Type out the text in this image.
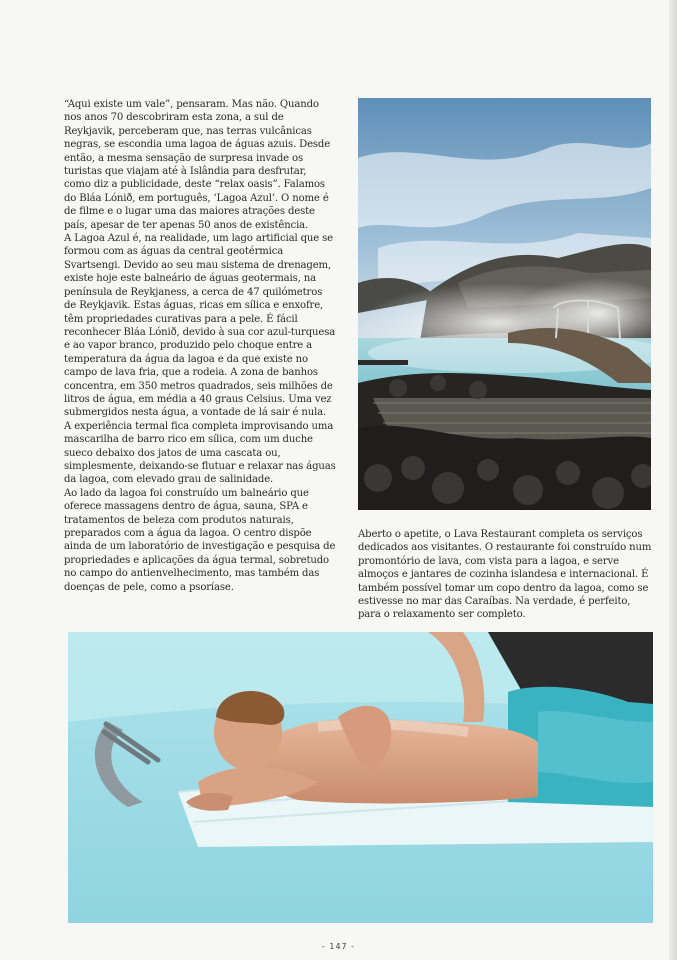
“Aqui existe um vale”, pensaram. Mas não. Quando nos anos 70 descobriram esta zona, a sul de Reykjavik, perceberam que, nas terras vulcânicas negras, se escondia uma lagoa de águas azuis. Desde então, a mesma sensação de surpresa invade os turistas que viajam até à Islândia para desfrutar, como diz a publicidade, deste “relax oasis”. Falamos do Bláa Lónið, em português, ‘Lagoa Azul’. O nome é de filme e o lugar uma das maiores atrações deste país, apesar de ter apenas 50 anos de existência.

A Lagoa Azul é, na realidade, um lago artificial que se formou com as águas da central geotérmica Svartsengi. Devido ao seu mau sistema de drenagem, existe hoje este balneário de águas geotermais, na península de Reykjaness, a cerca de 47 quilómetros de Reykjavik. Estas águas, ricas em sílica e enxofre, têm propriedades curativas para a pele. É fácil reconhecer Bláa Lónið, devido à sua cor azul-turquesa e ao vapor branco, produzido pelo choque entre a temperatura da água da lagoa e da que existe no campo de lava fria, que a rodeia. A zona de banhos concentra, em 350 metros quadrados, seis milhões de litros de água, em média a 40 graus Celsius. Uma vez submergidos nesta água, a vontade de lá sair é nula.

A experiência termal fica completa improvisando uma mascarilha de barro rico em sílica, com um duche sueco debaixo dos jatos de uma cascata ou, simplesmente, deixando-se flutuar e relaxar nas águas da lagoa, com elevado grau de salinidade.

Ao lado da lagoa foi construído um balneário que oferece massagens dentro de água, sauna, SPA e tratamentos de beleza com produtos naturais, preparados com a água da lagoa. O centro dispõe ainda de um laboratório de investigação e pesquisa de propriedades e aplicações da água termal, sobretudo no campo do antienvelhecimento, mas também das doenças de pele, como a psoríase.

Aberto o apetite, o Lava Restaurant completa os serviços dedicados aos visitantes. O restaurante foi construído num promontório de lava, com vista para a lagoa, e serve almoços e jantares de cozinha islandesa e internacional. É também possível tomar um copo dentro da lagoa, como se estivesse no mar das Caraíbas. Na verdade, é perfeito, para o relaxamento ser completo.

- 147 -
